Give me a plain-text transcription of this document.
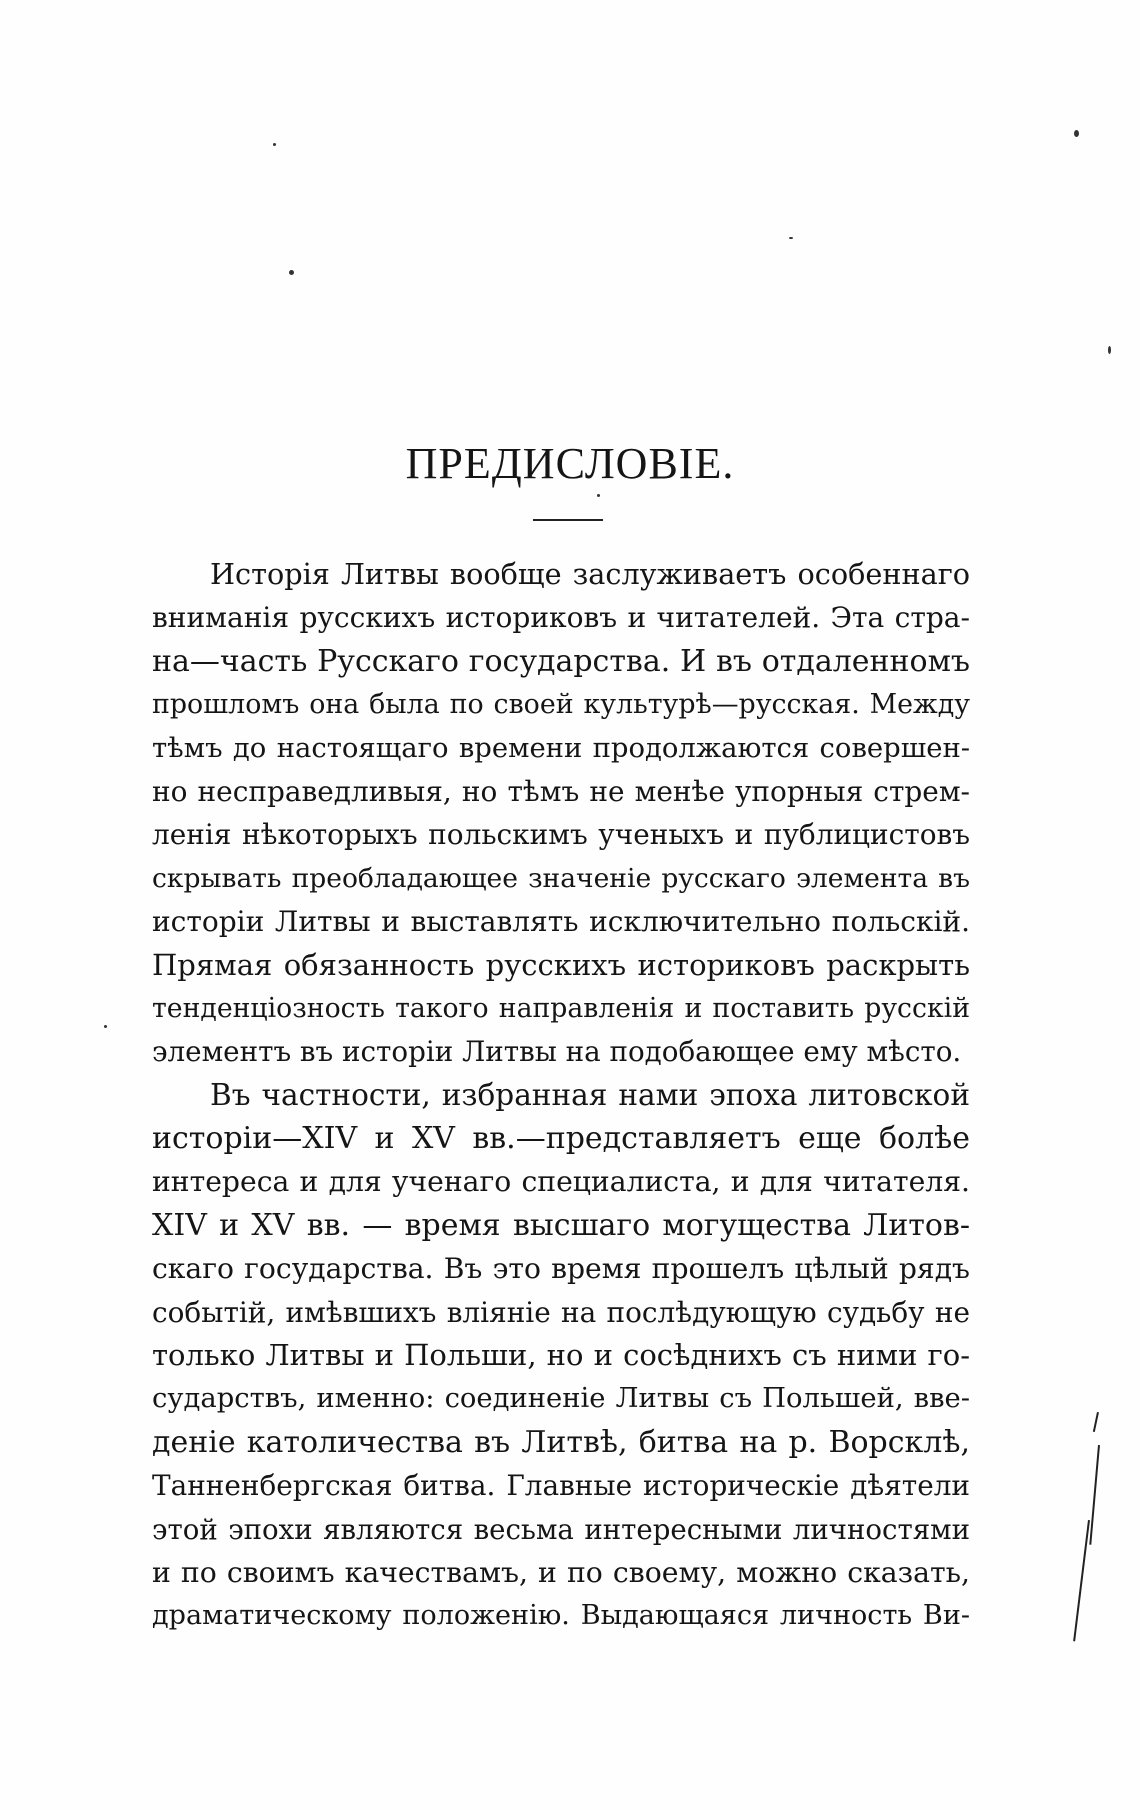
ПРЕДИСЛОВІЕ.
Исторія Литвы вообще заслуживаетъ особеннаго
вниманія русскихъ историковъ и читателей. Эта стра-
на—часть Русскаго государства. И въ отдаленномъ
прошломъ она была по своей культурѣ—русская. Между
тѣмъ до настоящаго времени продолжаются совершен-
но несправедливыя, но тѣмъ не менѣе упорныя стрем-
ленія нѣкоторыхъ польскимъ ученыхъ и публицистовъ
скрывать преобладающее значеніе русскаго элемента въ
исторіи Литвы и выставлять исключительно польскій.
Прямая обязанность русскихъ историковъ раскрыть
тенденціозность такого направленія и поставить русскій
элементъ въ исторіи Литвы на подобающее ему мѣсто.
Въ частности, избранная нами эпоха литовской
исторіи—XIV и XV вв.—представляетъ еще болѣе
интереса и для ученаго специалиста, и для читателя.
XIV и XV вв. — время высшаго могущества Литов-
скаго государства. Въ это время прошелъ цѣлый рядъ
событій, имѣвшихъ вліяніе на послѣдующую судьбу не
только Литвы и Польши, но и сосѣднихъ съ ними го-
сударствъ, именно: соединеніе Литвы съ Польшей, вве-
деніе католичества въ Литвѣ, битва на р. Ворсклѣ,
Танненбергская битва. Главные историческіе дѣятели
этой эпохи являются весьма интересными личностями
и по своимъ качествамъ, и по своему, можно сказать,
драматическому положенію. Выдающаяся личность Ви-
